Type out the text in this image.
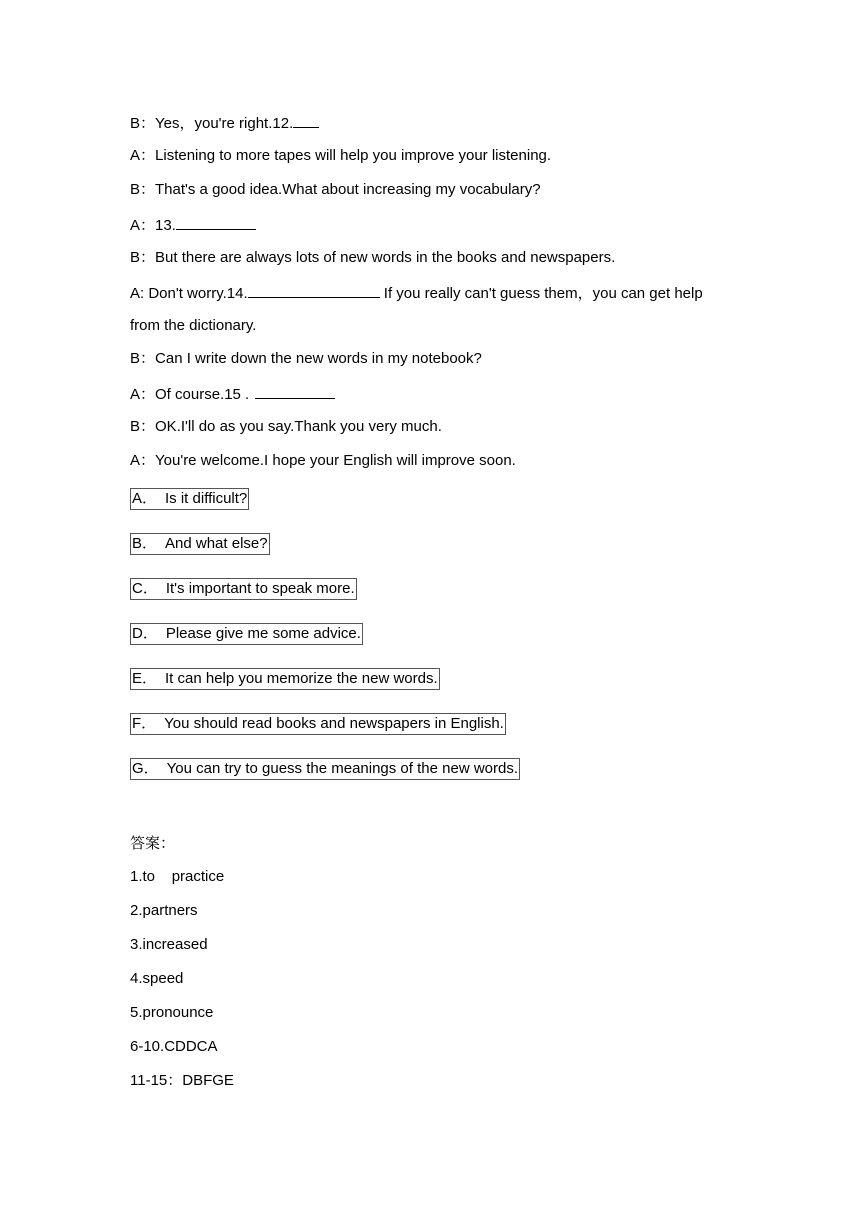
B：Yes，you're right.12.
A：Listening to more tapes will help you improve your listening.
B：That's a good idea.What about increasing my vocabulary?
A：13.
B：But there are always lots of new words in the books and newspapers.
A: Don't worry.14.	If you really can't guess them，you can get help
from the dictionary.
B：Can I write down the new words in my notebook?
A：Of course.15 .
B：OK.I'll do as you say.Thank you very much.
A：You're welcome.I hope your English will improve soon.
A． Is it difficult?
B． And what else?
C． It's important to speak more.
D． Please give me some advice.
E． It can help you memorize the new words.
F． You should read books and newspapers in English.
G． You can try to guess the meanings of the new words.
答案：
1.to    practice
2.partners
3.increased
4.speed
5.pronounce
6-10.CDDCA
11-15：DBFGE
